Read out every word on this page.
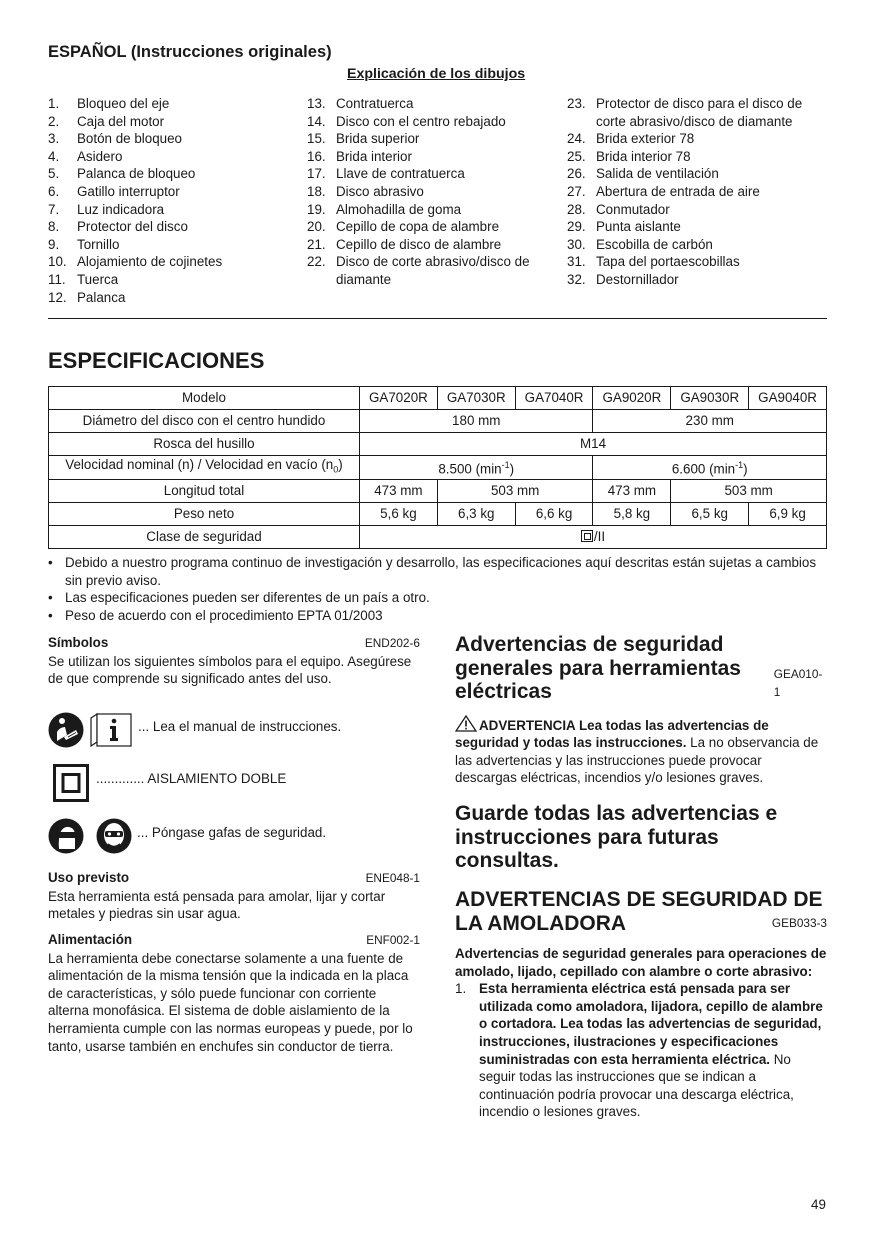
ESPAÑOL (Instrucciones originales)
Explicación de los dibujos
1.	Bloqueo del eje
2.	Caja del motor
3.	Botón de bloqueo
4.	Asidero
5.	Palanca de bloqueo
6.	Gatillo interruptor
7.	Luz indicadora
8.	Protector del disco
9.	Tornillo
10. Alojamiento de cojinetes
11. Tuerca
12. Palanca
13. Contratuerca
14. Disco con el centro rebajado
15. Brida superior
16. Brida interior
17. Llave de contratuerca
18. Disco abrasivo
19. Almohadilla de goma
20. Cepillo de copa de alambre
21. Cepillo de disco de alambre
22. Disco de corte abrasivo/disco de diamante
23. Protector de disco para el disco de corte abrasivo/disco de diamante
24. Brida exterior 78
25. Brida interior 78
26. Salida de ventilación
27. Abertura de entrada de aire
28. Conmutador
29. Punta aislante
30. Escobilla de carbón
31. Tapa del portaescobillas
32. Destornillador
ESPECIFICACIONES
Modelo	GA7020R	GA7030R	GA7040R	GA9020R	GA9030R	GA9040R
Diámetro del disco con el centro hundido	180 mm			230 mm		
Rosca del husillo	M14					
Velocidad nominal (n) / Velocidad en vacío $(n_0)$	8.500 $(\min^{-1})$			6.600 $(\min^{-1})$		
Longitud total	473 mm	503 mm		473 mm	503 mm	
Peso neto	5,6 kg	6,3 kg	6,6 kg	5,8 kg	6,5 kg	6,9 kg
Clase de seguridad	/II					
• Debido a nuestro programa continuo de investigación y desarrollo, las especificaciones aquí descritas están sujetas a cambios sin previo aviso.
• Las especificaciones pueden ser diferentes de un país a otro.
• Peso de acuerdo con el procedimiento EPTA 01/2003
Símbolos	END202-6
Se utilizan los siguientes símbolos para el equipo. Asegúrese de que comprende su significado antes del uso.
... Lea el manual de instrucciones.
............. AISLAMIENTO DOBLE
... Póngase gafas de seguridad.
Uso previsto	ENE048-1
Esta herramienta está pensada para amolar, lijar y cortar metales y piedras sin usar agua.
Alimentación	ENF002-1
La herramienta debe conectarse solamente a una fuente de alimentación de la misma tensión que la indicada en la placa de características, y sólo puede funcionar con corriente alterna monofásica. El sistema de doble aislamiento de la herramienta cumple con las normas europeas y puede, por lo tanto, usarse también en enchufes sin conductor de tierra.
Advertencias de seguridad generales para herramientas eléctricas
GEA010-1
ADVERTENCIA Lea todas las advertencias de seguridad y todas las instrucciones. La no observancia de las advertencias y las instrucciones puede provocar descargas eléctricas, incendios y/o lesiones graves.
Guarde todas las advertencias e instrucciones para futuras consultas.
ADVERTENCIAS DE SEGURIDAD DE LA AMOLADORA	GEB033-3
Advertencias de seguridad generales para operaciones de amolado, lijado, cepillado con alambre o corte abrasivo:
1. Esta herramienta eléctrica está pensada para ser utilizada como amoladora, lijadora, cepillo de alambre o cortadora. Lea todas las advertencias de seguridad, instrucciones, ilustraciones y especificaciones suministradas con esta herramienta eléctrica. No seguir todas las instrucciones que se indican a continuación podría provocar una descarga eléctrica, incendio o lesiones graves.
49
